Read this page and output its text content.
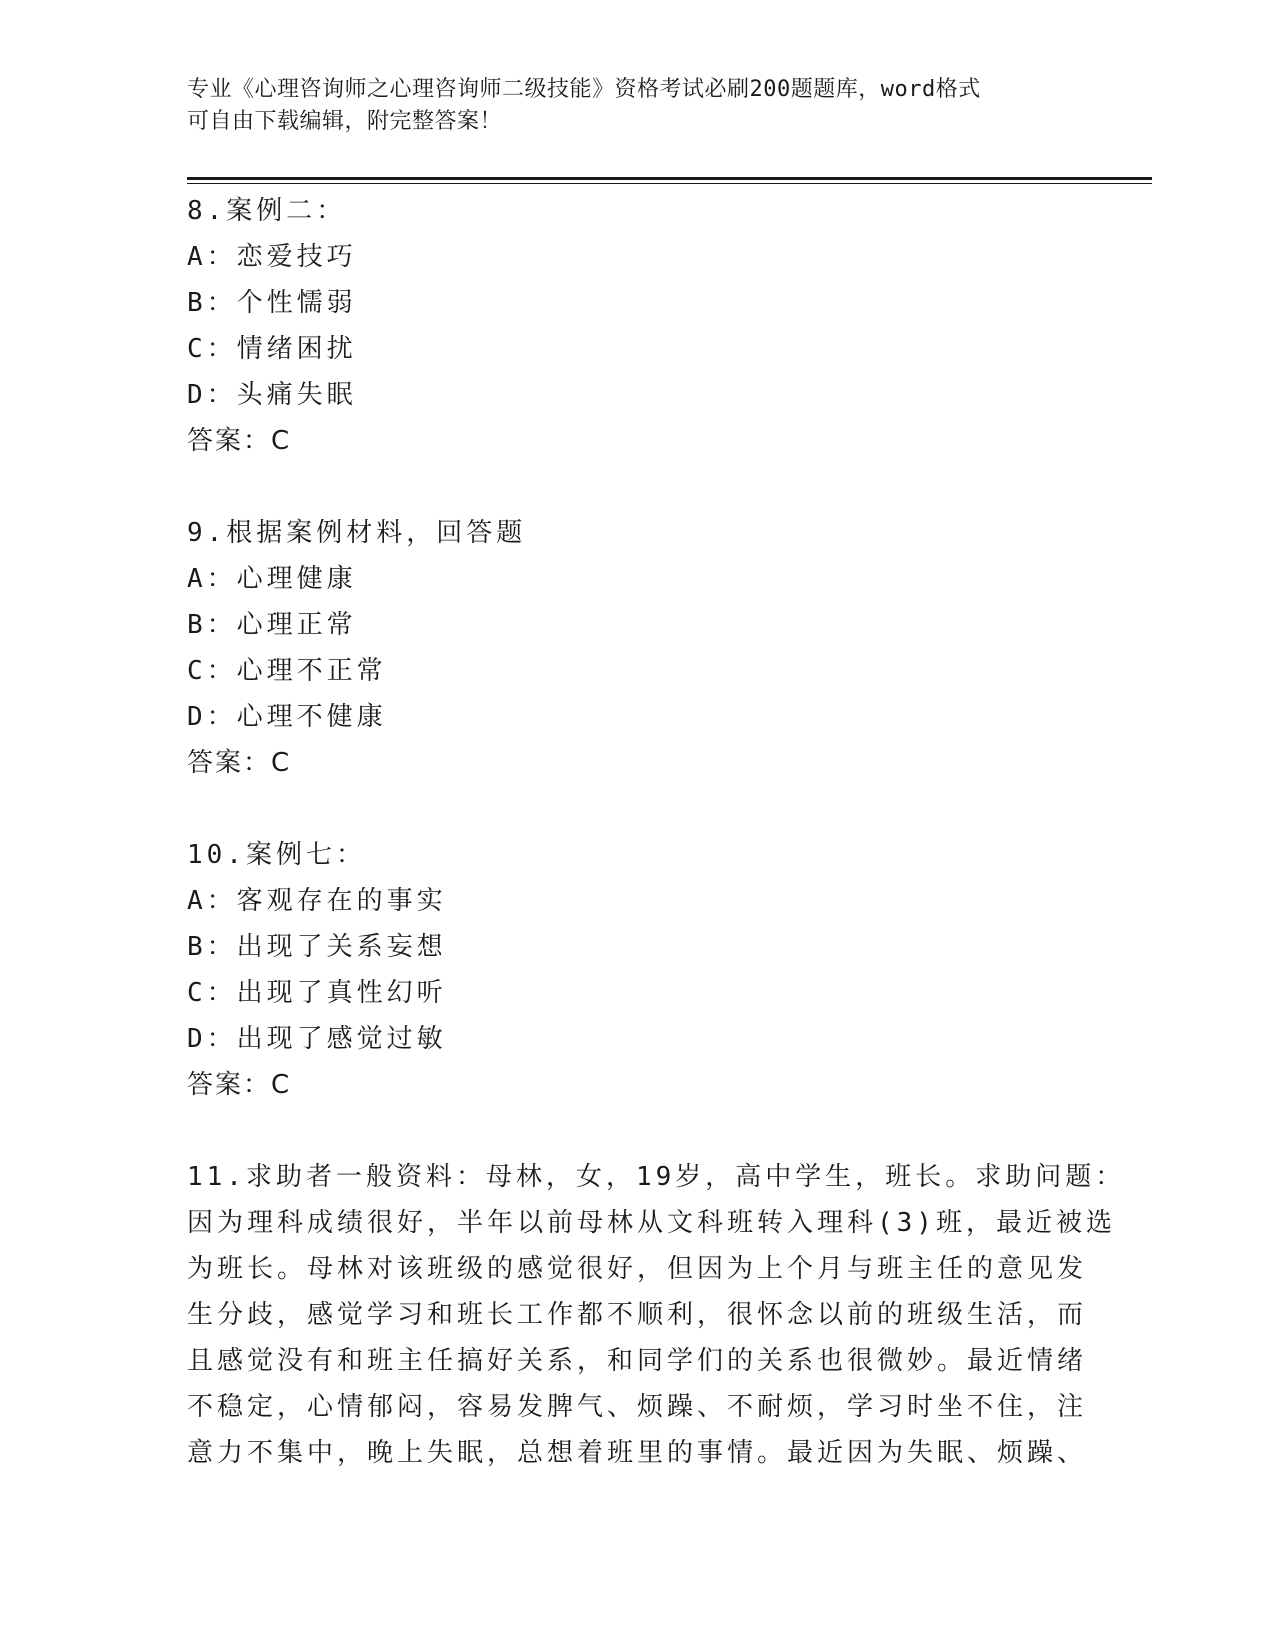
专业《心理咨询师之心理咨询师二级技能》资格考试必刷200题题库，word格式
可自由下载编辑，附完整答案！
8.案例二：
A：恋爱技巧
B：个性懦弱
C：情绪困扰
D：头痛失眠
答案：C
9.根据案例材料，回答题
A：心理健康
B：心理正常
C：心理不正常
D：心理不健康
答案：C
10.案例七：
A：客观存在的事实
B：出现了关系妄想
C：出现了真性幻听
D：出现了感觉过敏
答案：C
11.求助者一般资料：母林，女，19岁，高中学生，班长。求助问题：
因为理科成绩很好，半年以前母林从文科班转入理科(3)班，最近被选
为班长。母林对该班级的感觉很好，但因为上个月与班主任的意见发
生分歧，感觉学习和班长工作都不顺利，很怀念以前的班级生活，而
且感觉没有和班主任搞好关系，和同学们的关系也很微妙。最近情绪
不稳定，心情郁闷，容易发脾气、烦躁、不耐烦，学习时坐不住，注
意力不集中，晚上失眠，总想着班里的事情。最近因为失眠、烦躁、
